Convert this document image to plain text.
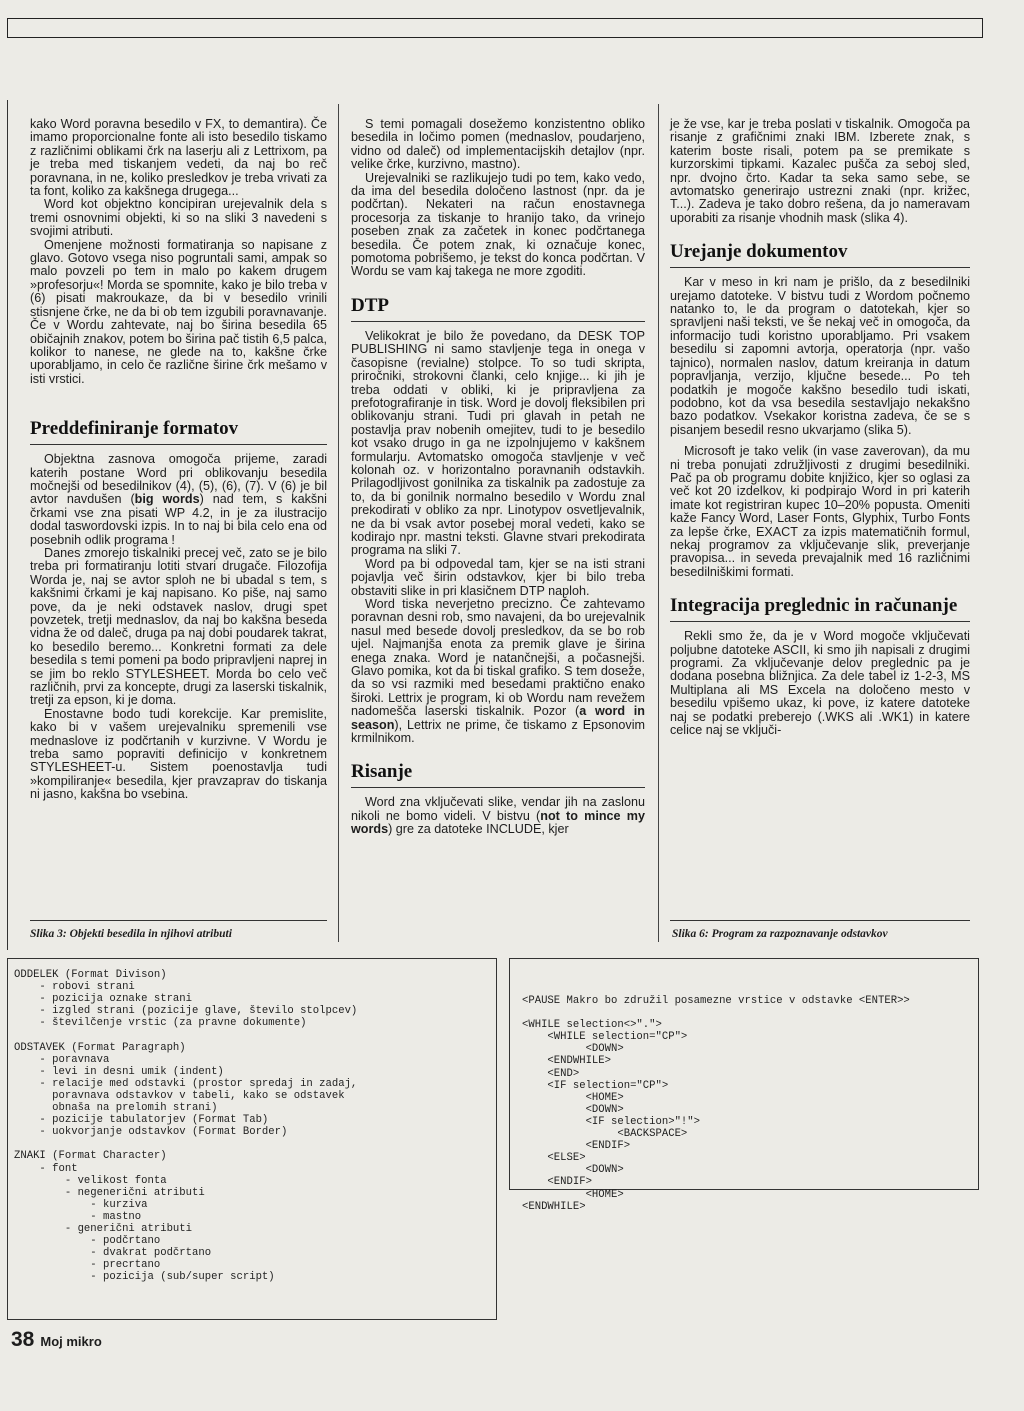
kako Word poravna besedilo v FX, to demantira). Če imamo proporcionalne fonte ali isto besedilo tiskamo z različnimi oblikami črk na laserju ali z Lettrixom, pa je treba med tiskanjem vedeti, da naj bo reč poravnana, in ne, koliko presledkov je treba vrivati za ta font, koliko za kakšnega drugega...

Word kot objektno koncipiran urejevalnik dela s tremi osnovnimi objekti, ki so na sliki 3 navedeni s svojimi atributi.

Omenjene možnosti formatiranja so napisane z glavo. Gotovo vsega niso pogruntali sami, ampak so malo povzeli po tem in malo po kakem drugem »profesorju«! Morda se spomnite, kako je bilo treba v (6) pisati makroukaze, da bi v besedilo vrinili stisnjene črke, ne da bi ob tem izgubili poravnavanje. Če v Wordu zahtevate, naj bo širina besedila 65 običajnih znakov, potem bo širina pač tistih 6,5 palca, kolikor to nanese, ne glede na to, kakšne črke uporabljamo, in celo če različne širine črk mešamo v isti vrstici.

Preddefiniranje formatov

Objektna zasnova omogoča prijeme, zaradi katerih postane Word pri oblikovanju besedila močnejši od besedilnikov (4), (5), (6), (7). V (6) je bil avtor navdušen (big words) nad tem, s kakšni črkami vse zna pisati WP 4.2, in je za ilustracijo dodal taswordovski izpis. In to naj bi bila celo ena od posebnih odlik programa !

Danes zmorejo tiskalniki precej več, zato se je bilo treba pri formatiranju lotiti stvari drugače. Filozofija Worda je, naj se avtor sploh ne bi ubadal s tem, s kakšnimi črkami je kaj napisano. Ko piše, naj samo pove, da je neki odstavek naslov, drugi spet povzetek, tretji mednaslov, da naj bo kakšna beseda vidna že od daleč, druga pa naj dobi poudarek takrat, ko besedilo beremo... Konkretni formati za dele besedila s temi pomeni pa bodo pripravljeni naprej in se jim bo reklo STYLESHEET. Morda bo celo več različnih, prvi za koncepte, drugi za laserski tiskalnik, tretji za epson, ki je doma.

Enostavne bodo tudi korekcije. Kar premislite, kako bi v vašem urejevalniku spremenili vse mednaslove iz podčrtanih v kurzivne. V Wordu je treba samo popraviti definicijo v konkretnem STYLESHEET-u. Sistem poenostavlja tudi »kompiliranje« besedila, kjer pravzaprav do tiskanja ni jasno, kakšna bo vsebina.

Slika 3: Objekti besedila in njihovi atributi

S temi pomagali dosežemo konzistentno obliko besedila in ločimo pomen (mednaslov, poudarjeno, vidno od daleč) od implementacijskih detajlov (npr. velike črke, kurzivno, mastno).

Urejevalniki se razlikujejo tudi po tem, kako vedo, da ima del besedila določeno lastnost (npr. da je podčrtan). Nekateri na račun enostavnega procesorja za tiskanje to hranijo tako, da vrinejo poseben znak za začetek in konec podčrtanega besedila. Če potem znak, ki označuje konec, pomotoma pobrišemo, je tekst do konca podčrtan. V Wordu se vam kaj takega ne more zgoditi.

DTP

Velikokrat je bilo že povedano, da DESK TOP PUBLISHING ni samo stavljenje tega in onega v časopisne (revialne) stolpce. To so tudi skripta, priročniki, strokovni članki, celo knjige... ki jih je treba oddati v obliki, ki je pripravljena za prefotografiranje in tisk. Word je dovolj fleksibilen pri oblikovanju strani. Tudi pri glavah in petah ne postavlja prav nobenih omejitev, tudi to je besedilo kot vsako drugo in ga ne izpolnjujemo v kakšnem formularju. Avtomatsko omogoča stavljenje v več kolonah oz. v horizontalno poravnanih odstavkih. Prilagodljivost gonilnika za tiskalnik pa zadostuje za to, da bi gonilnik normalno besedilo v Wordu znal prekodirati v obliko za npr. Linotypov osvetljevalnik, ne da bi vsak avtor posebej moral vedeti, kako se kodirajo npr. mastni teksti. Glavne stvari prekodirata programa na sliki 7.

Word pa bi odpovedal tam, kjer se na isti strani pojavlja več širin odstavkov, kjer bi bilo treba obstaviti slike in pri klasičnem DTP naploh.

Word tiska neverjetno precizno. Če zahtevamo poravnan desni rob, smo navajeni, da bo urejevalnik nasul med besede dovolj presledkov, da se bo rob ujel. Najmanjša enota za premik glave je širina enega znaka. Word je natančnejši, a počasnejši. Glavo pomika, kot da bi tiskal grafiko. S tem doseže, da so vsi razmiki med besedami praktično enako široki. Lettrix je program, ki ob Wordu nam revežem nadomešča laserski tiskalnik. Pozor (a word in season), Lettrix ne prime, če tiskamo z Epsonovim krmilnikom.

Risanje

Word zna vključevati slike, vendar jih na zaslonu nikoli ne bomo videli. V bistvu (not to mince my words) gre za datoteke INCLUDE, kjer

je že vse, kar je treba poslati v tiskalnik. Omogoča pa risanje z grafičnimi znaki IBM. Izberete znak, s katerim boste risali, potem pa se premikate s kurzorskimi tipkami. Kazalec pušča za seboj sled, npr. dvojno črto. Kadar ta seka samo sebe, se avtomatsko generirajo ustrezni znaki (npr. križec, T...). Zadeva je tako dobro rešena, da jo nameravam uporabiti za risanje vhodnih mask (slika 4).

Urejanje dokumentov

Kar v meso in kri nam je prišlo, da z besedilniki urejamo datoteke. V bistvu tudi z Wordom počnemo natanko to, le da program o datotekah, kjer so spravljeni naši teksti, ve še nekaj več in omogoča, da informacijo tudi koristno uporabljamo. Pri vsakem besedilu si zapomni avtorja, operatorja (npr. vašo tajnico), normalen naslov, datum kreiranja in datum popravljanja, verzijo, ključne besede... Po teh podatkih je mogoče kakšno besedilo tudi iskati, podobno, kot da vsa besedila sestavljajo nekakšno bazo podatkov. Vsekakor koristna zadeva, če se s pisanjem besedil resno ukvarjamo (slika 5).

Microsoft je tako velik (in vase zaverovan), da mu ni treba ponujati združljivosti z drugimi besedilniki. Pač pa ob programu dobite knjižico, kjer so oglasi za več kot 20 izdelkov, ki podpirajo Word in pri katerih imate kot registriran kupec 10–20% popusta. Omeniti kaže Fancy Word, Laser Fonts, Glyphix, Turbo Fonts za lepše črke, EXACT za izpis matematičnih formul, nekaj programov za vključevanje slik, preverjanje pravopisa... in seveda prevajalnik med 16 različnimi besedilniškimi formati.

Integracija preglednic in računanje

Rekli smo že, da je v Word mogoče vključevati poljubne datoteke ASCII, ki smo jih napisali z drugimi programi. Za vključevanje delov preglednic pa je dodana posebna bližnjica. Za dele tabel iz 1-2-3, MS Multiplana ali MS Excela na določeno mesto v besedilu vpišemo ukaz, ki pove, iz katere datoteke naj se podatki preberejo (.WKS ali .WK1) in katere celice naj se vključi-

Slika 6: Program za razpoznavanje odstavkov
ODDELEK (Format Divison)
- robovi strani
- pozicija oznake strani
- izgled strani (pozicije glave, število stolpcev)
- številčenje vrstic (za pravne dokumente)

ODSTAVEK (Format Paragraph)
- poravnava
- levi in desni umik (indent)
- relacije med odstavki (prostor spredaj in zadaj,
poravnava odstavkov v tabeli, kako se odstavek
obnaša na prelomih strani)
- pozicije tabulatorjev (Format Tab)
- uokvorjanje odstavkov (Format Border)

ZNAKI (Format Character)
- font
- velikost fonta
- negenerični atributi
- kurziva
- mastno
- generični atributi
- podčrtano
- dvakrat podčrtano
- precrtano
- pozicija (sub/super script)
<PAUSE Makro bo združil posamezne vrstice v odstavke <ENTER>>

<WHILE selection<>".">
<WHILE selection="CP">
<DOWN>
<ENDWHILE>
<END>
<IF selection="CP">
<HOME>
<DOWN>
<IF selection>"!">
<BACKSPACE>
<ENDIF>
<ELSE>
<DOWN>
<ENDIF>
<HOME>
<ENDWHILE>
38 Moj mikro
